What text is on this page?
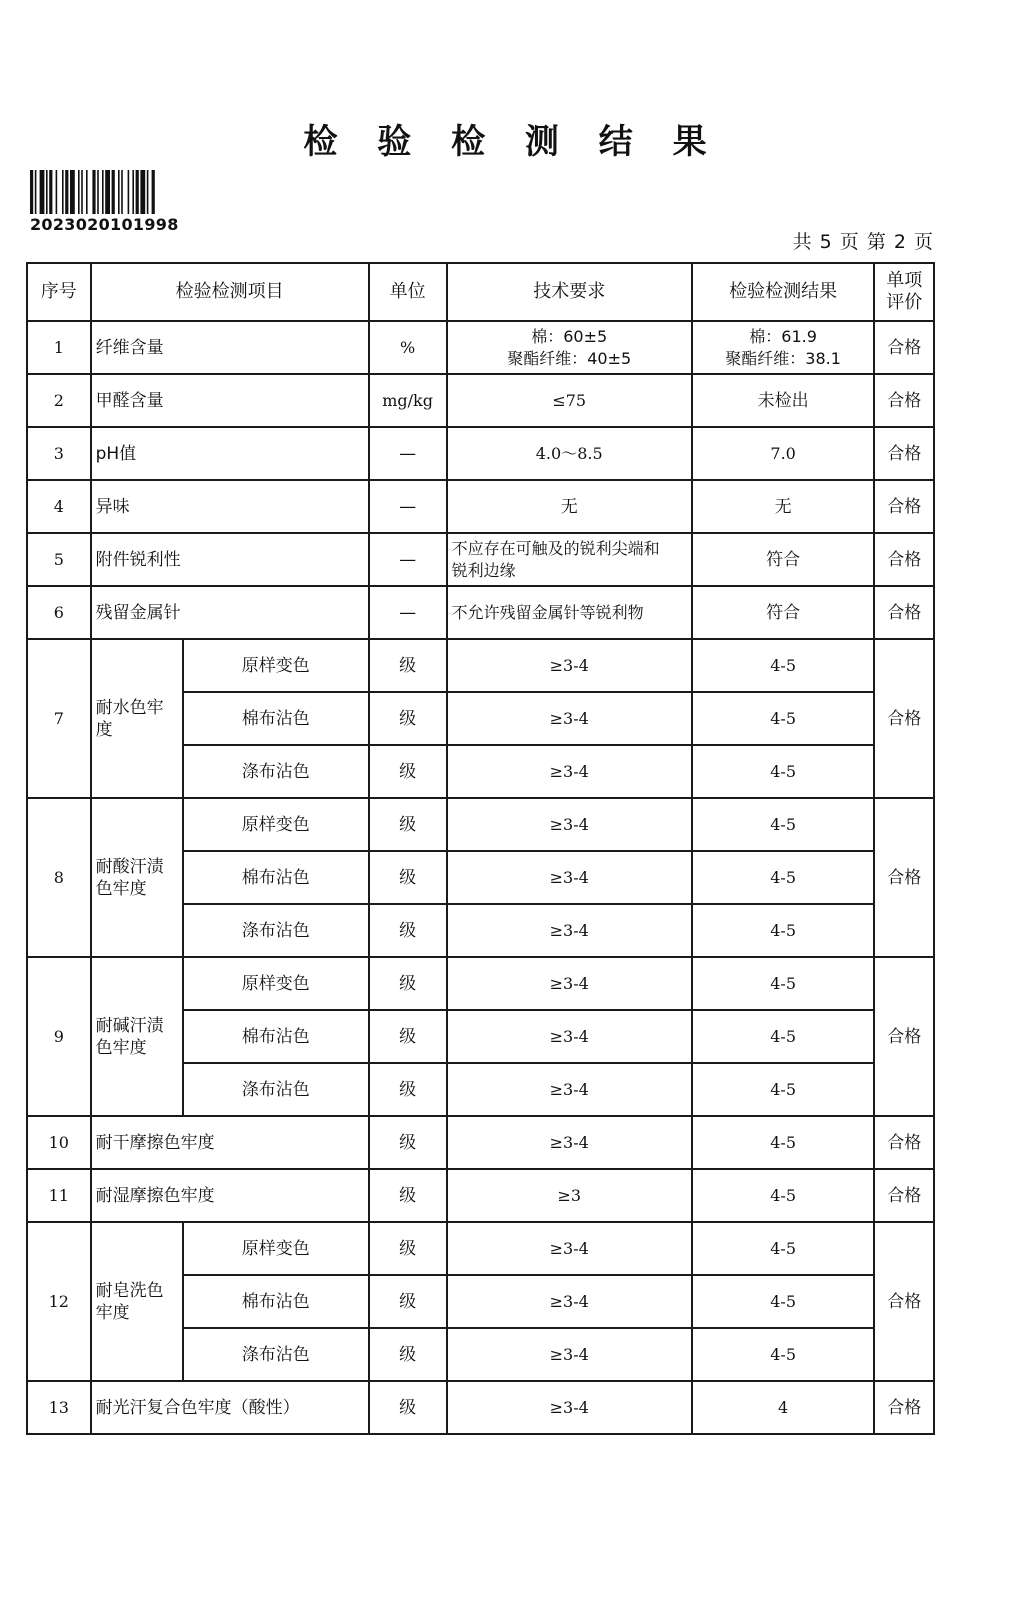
检 验 检 测 结 果
2023020101998
共 5 页 第 2 页
序号	检验检测项目		单位	技术要求	检验检测结果	单项评价
1	纤维含量		%	棉：60±5
聚酯纤维：40±5	棉：61.9
聚酯纤维：38.1	合格
2	甲醛含量		mg/kg	≤75	未检出	合格
3	pH值		—	4.0～8.5	7.0	合格
4	异味		—	无	无	合格
5	附件锐利性		—	不应存在可触及的锐利尖端和
锐利边缘	符合	合格
6	残留金属针		—	不允许残留金属针等锐利物	符合	合格
7	耐水色牢
度	原样变色	级	≥3-4	4-5	合格
		棉布沾色	级	≥3-4	4-5	
		涤布沾色	级	≥3-4	4-5	
8	耐酸汗渍
色牢度	原样变色	级	≥3-4	4-5	合格
		棉布沾色	级	≥3-4	4-5	
		涤布沾色	级	≥3-4	4-5	
9	耐碱汗渍
色牢度	原样变色	级	≥3-4	4-5	合格
		棉布沾色	级	≥3-4	4-5	
		涤布沾色	级	≥3-4	4-5	
10	耐干摩擦色牢度		级	≥3-4	4-5	合格
11	耐湿摩擦色牢度		级	≥3	4-5	合格
12	耐皂洗色
牢度	原样变色	级	≥3-4	4-5	合格
		棉布沾色	级	≥3-4	4-5	
		涤布沾色	级	≥3-4	4-5	
13	耐光汗复合色牢度（酸性）		级	≥3-4	4	合格
